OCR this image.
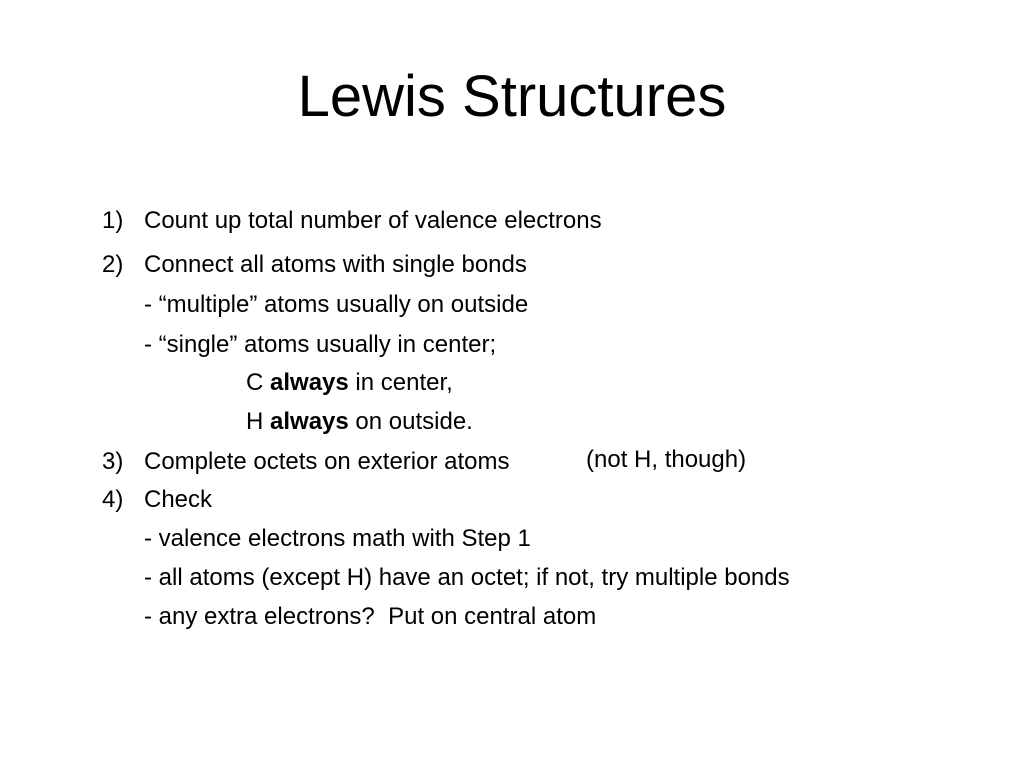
Lewis Structures

1) Count up total number of valence electrons

2) Connect all atoms with single bonds

- “multiple” atoms usually on outside

- “single” atoms usually in center;

C always in center,

H always on outside.

3) Complete octets on exterior atoms	(not H, though)

4) Check

- valence electrons math with Step 1

- all atoms (except H) have an octet; if not, try multiple bonds

- any extra electrons?  Put on central atom
